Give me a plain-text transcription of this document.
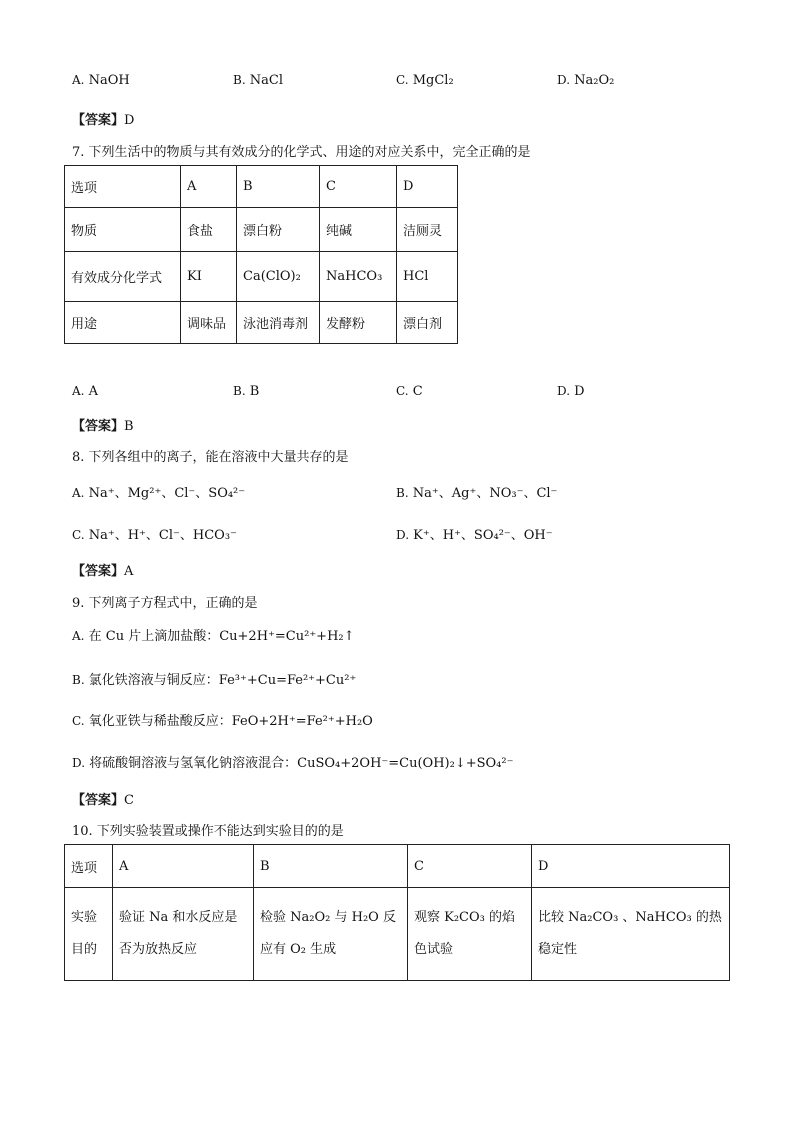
A. NaOH	B. NaCl	C. MgCl₂	D. Na₂O₂
【答案】D
7. 下列生活中的物质与其有效成分的化学式、用途的对应关系中，完全正确的是
选项	A	B	C	D
物质	食盐	漂白粉	纯碱	洁厕灵
有效成分化学式	KI	Ca(ClO)₂	NaHCO₃	HCl
用途	调味品	泳池消毒剂	发酵粉	漂白剂
A. A	B. B	C. C	D. D
【答案】B
8. 下列各组中的离子，能在溶液中大量共存的是
A. Na⁺、Mg²⁺、Cl⁻、SO₄²⁻	B. Na⁺、Ag⁺、NO₃⁻、Cl⁻
C. Na⁺、H⁺、Cl⁻、HCO₃⁻	D. K⁺、H⁺、SO₄²⁻、OH⁻
【答案】A
9. 下列离子方程式中，正确的是
A. 在 Cu 片上滴加盐酸：Cu+2H⁺=Cu²⁺+H₂↑
B. 氯化铁溶液与铜反应：Fe³⁺+Cu=Fe²⁺+Cu²⁺
C. 氧化亚铁与稀盐酸反应：FeO+2H⁺=Fe²⁺+H₂O
D. 将硫酸铜溶液与氢氧化钠溶液混合：CuSO₄+2OH⁻=Cu(OH)₂↓+SO₄²⁻
【答案】C
10. 下列实验装置或操作不能达到实验目的的是
选项	A	B	C	D
实验目的	验证 Na 和水反应是否为放热反应	检验 Na₂O₂ 与 H₂O 反应有 O₂ 生成	观察 K₂CO₃ 的焰色试验	比较 Na₂CO₃ 、NaHCO₃ 的热稳定性
